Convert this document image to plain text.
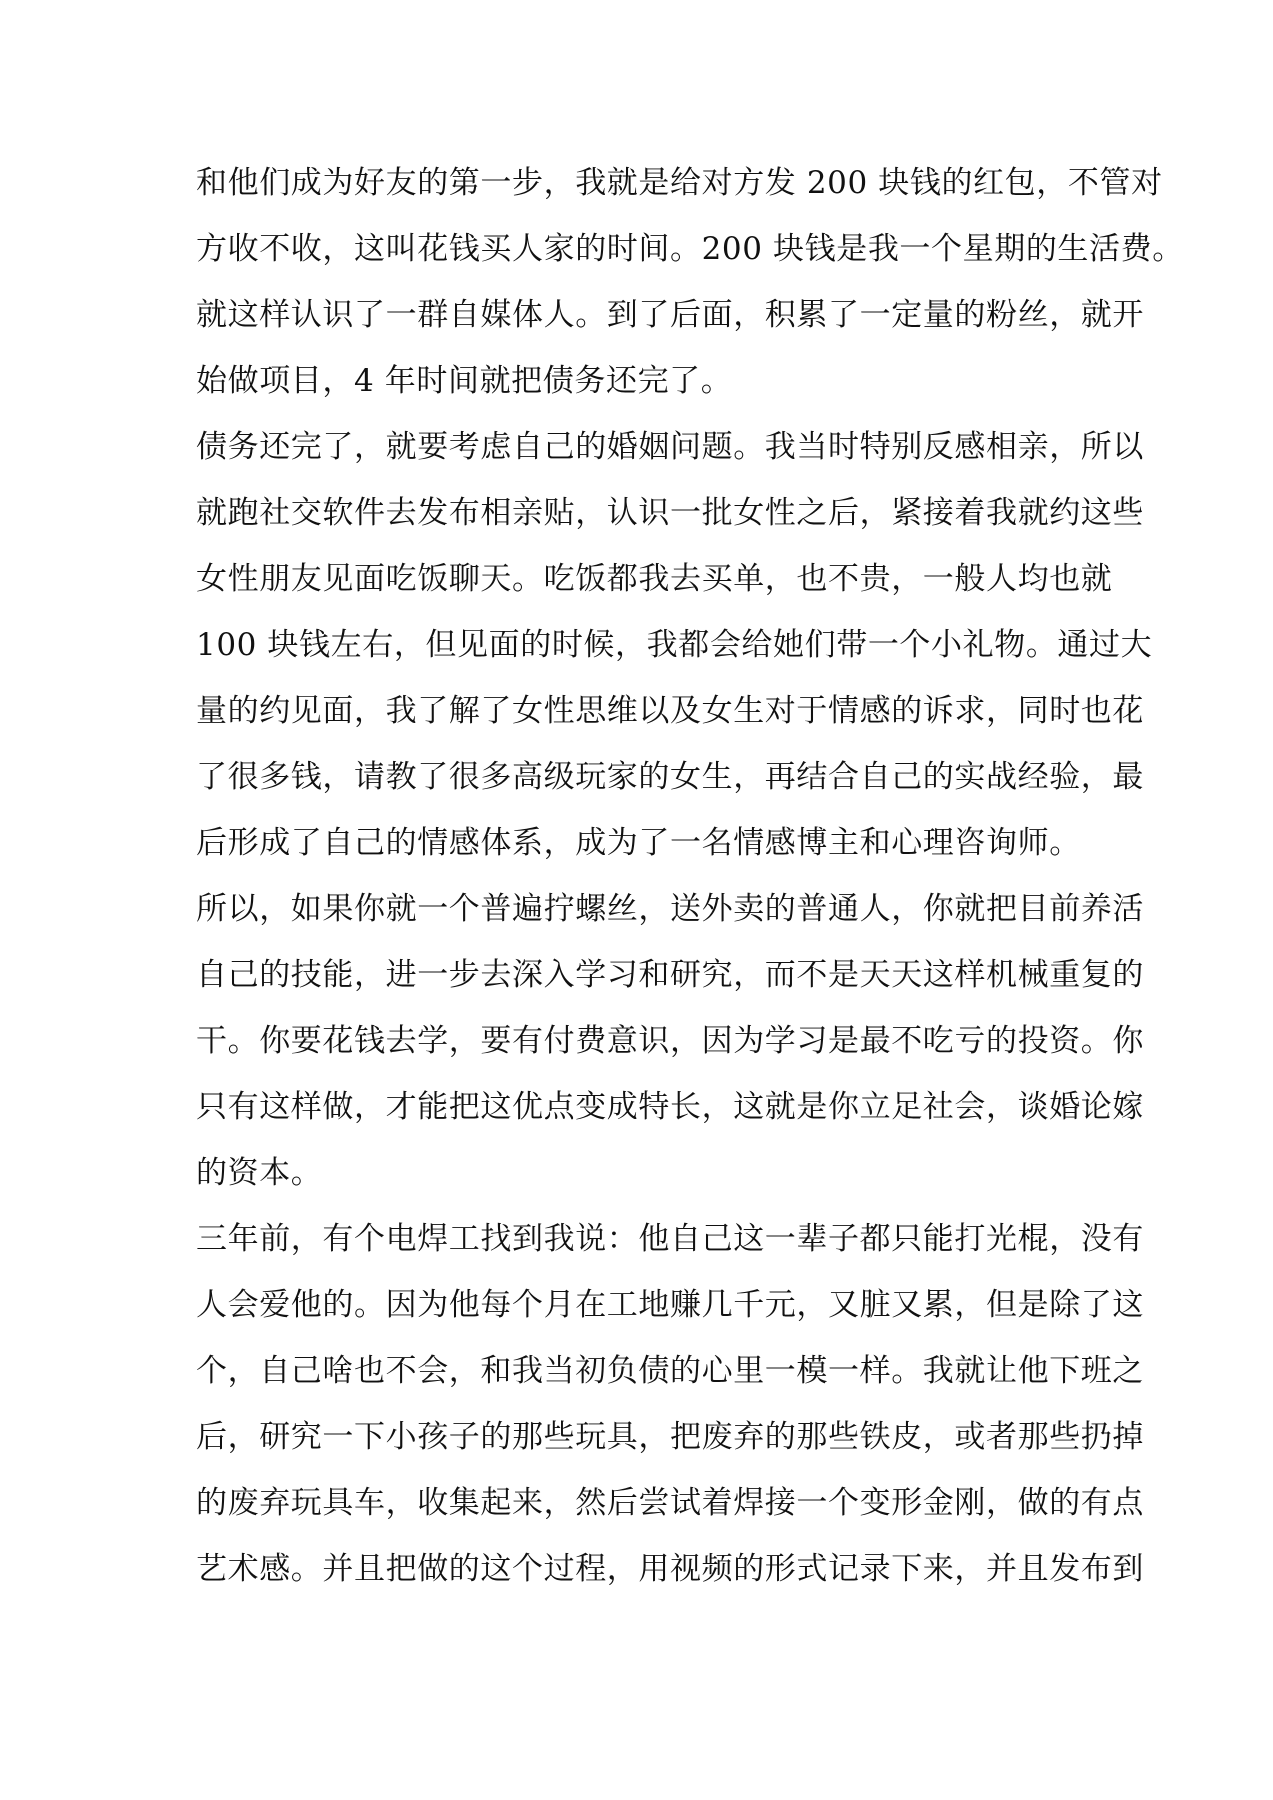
和他们成为好友的第一步，我就是给对方发 200 块钱的红包，不管对
方收不收，这叫花钱买人家的时间。200 块钱是我一个星期的生活费。
就这样认识了一群自媒体人。到了后面，积累了一定量的粉丝，就开
始做项目，4 年时间就把债务还完了。
债务还完了，就要考虑自己的婚姻问题。我当时特别反感相亲，所以
就跑社交软件去发布相亲贴，认识一批女性之后，紧接着我就约这些
女性朋友见面吃饭聊天。吃饭都我去买单，也不贵，一般人均也就
100 块钱左右，但见面的时候，我都会给她们带一个小礼物。通过大
量的约见面，我了解了女性思维以及女生对于情感的诉求，同时也花
了很多钱，请教了很多高级玩家的女生，再结合自己的实战经验，最
后形成了自己的情感体系，成为了一名情感博主和心理咨询师。
所以，如果你就一个普遍拧螺丝，送外卖的普通人，你就把目前养活
自己的技能，进一步去深入学习和研究，而不是天天这样机械重复的
干。你要花钱去学，要有付费意识，因为学习是最不吃亏的投资。你
只有这样做，才能把这优点变成特长，这就是你立足社会，谈婚论嫁
的资本。
三年前，有个电焊工找到我说：他自己这一辈子都只能打光棍，没有
人会爱他的。因为他每个月在工地赚几千元，又脏又累，但是除了这
个，自己啥也不会，和我当初负债的心里一模一样。我就让他下班之
后，研究一下小孩子的那些玩具，把废弃的那些铁皮，或者那些扔掉
的废弃玩具车，收集起来，然后尝试着焊接一个变形金刚，做的有点
艺术感。并且把做的这个过程，用视频的形式记录下来，并且发布到
